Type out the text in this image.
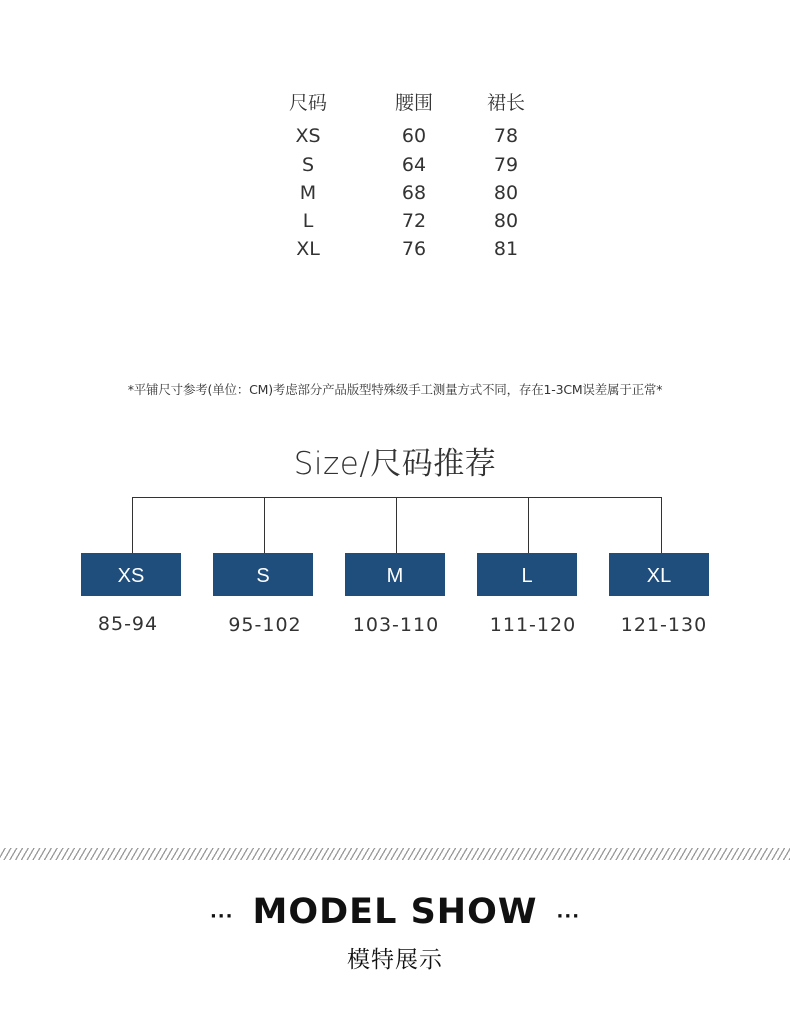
尺码	腰围	裙长
XS	60	78
S	64	79
M	68	80
L	72	80
XL	76	81
*平铺尺寸参考(单位：CM)考虑部分产品版型特殊级手工测量方式不同，存在1-3CM误差属于正常*
Size/尺码推荐
XS	S	M	L	XL
85-94	95-102	103-110	111-120	121-130
··· MODEL SHOW ···
模特展示
